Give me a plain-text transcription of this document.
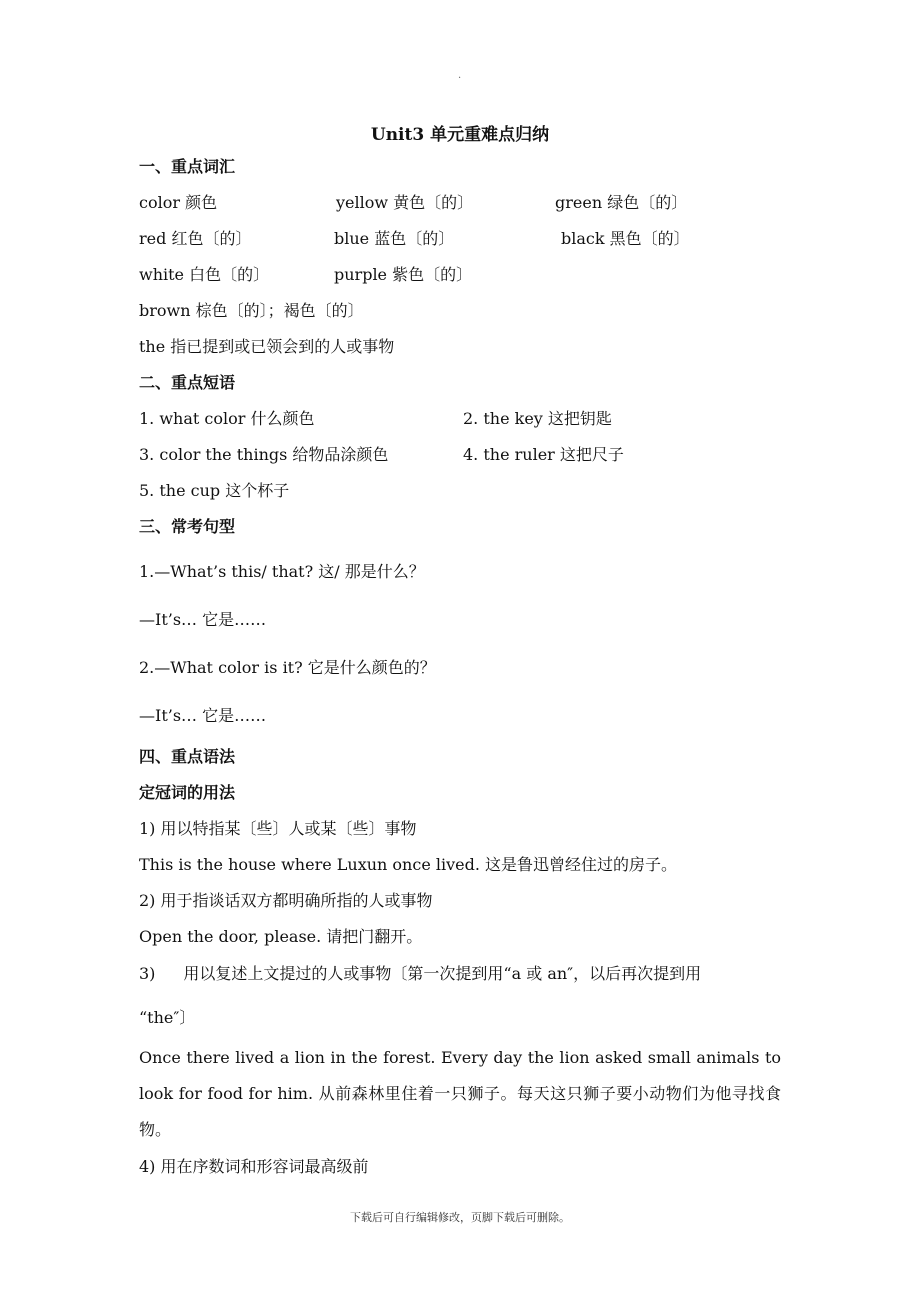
.
Unit3 单元重难点归纳
一、重点词汇
color 颜色	yellow 黄色〔的〕	green 绿色〔的〕
red 红色〔的〕	blue 蓝色〔的〕	black 黑色〔的〕
white 白色〔的〕	purple 紫色〔的〕
brown 棕色〔的〕；褐色〔的〕
the 指已提到或已领会到的人或事物
二、重点短语
1. what color 什么颜色	2. the key 这把钥匙
3. color the things 给物品涂颜色	4. the ruler 这把尺子
5. the cup 这个杯子
三、常考句型
1.—What’s this/ that? 这/ 那是什么？
—It’s… 它是……
2.—What color is it? 它是什么颜色的？
—It’s… 它是……
四、重点语法
定冠词的用法
1) 用以特指某〔些〕人或某〔些〕事物
This is the house where Luxun once lived. 这是鲁迅曾经住过的房子。
2) 用于指谈话双方都明确所指的人或事物
Open the door, please. 请把门翻开。
3) 用以复述上文提过的人或事物〔第一次提到用“a 或 an″，以后再次提到用
“the″〕
Once there lived a lion in the forest. Every day the lion asked small animals to look for food for him. 从前森林里住着一只狮子。每天这只狮子要小动物们为他寻找食物。
4) 用在序数词和形容词最高级前
下载后可自行编辑修改，页脚下载后可删除。
